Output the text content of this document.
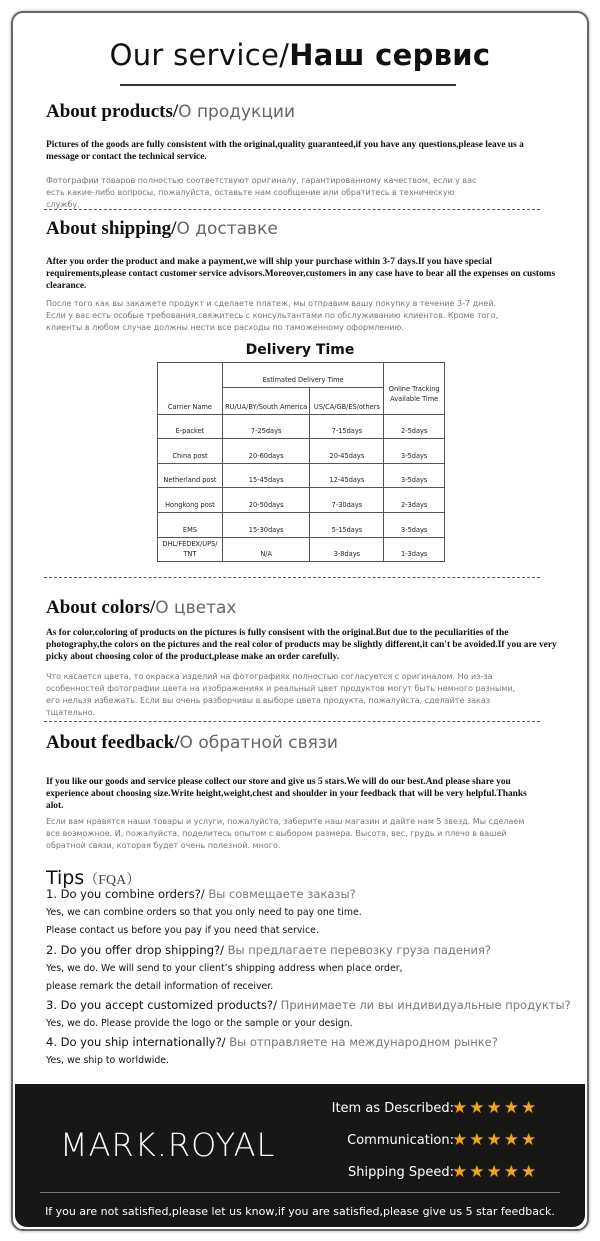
Our service/Наш сервис
About products/О продукции
Pictures of the goods are fully consistent with the original,quality guaranteed,if you have any questions,please leave us a message or contact the technical service.
Фотографии товаров полностью соответствуют оригиналу, гарантированному качеством, если у вас есть какие-либо вопросы, пожалуйста, оставьте нам сообщение или обратитесь в техническую службу.
About shipping/О доставке
After you order the product and make a payment,we will ship your purchase within 3-7 days.If you have special requirements,please contact customer service advisors.Moreover,customers in any case have to bear all the expenses on customs clearance.
После того как вы закажете продукт и сделаете платеж, мы отправим вашу покупку в течение 3-7 дней. Если у вас есть особые требования,свяжитесь с консультантами по обслуживанию клиентов. Кроме того, клиенты в любом случае должны нести все расходы по таможенному оформлению.
Delivery Time
Carrier Name	Estimated Delivery Time		Online Tracking Available Time
	RU/UA/BY/South America	US/CA/GB/ES/others	
E-packet	7-25days	7-15days	2-5days
China post	20-60days	20-45days	3-5days
Netherland post	15-45days	12-45days	3-5days
Hongkong post	20-50days	7-30days	2-3days
EMS	15-30days	5-15days	3-5days
DHL/FEDEX/UPS/ TNT	N/A	3-8days	1-3days
About colors/О цветах
As for color,coloring of products on the pictures is fully consisent with the original.But due to the peculiarities of the photography,the colors on the pictures and the real color of products may be slightly different,it can't be avoided.If you are very picky about choosing color of the product,please make an order carefully.
Что касается цвета, то окраска изделий на фотографиях полностью согласуется с оригиналом. Но из-за особенностей фотографии цвета на изображениях и реальный цвет продуктов могут быть немного разными, его нельзя избежать. Если вы очень разборчивы в выборе цвета продукта, пожалуйста, сделайте заказ тщательно.
About feedback/О обратной связи
If you like our goods and service please collect our store and give us 5 stars.We will do our best.And please share you experience about choosing size.Write height,weight,chest and shoulder in your feedback that will be very helpful.Thanks alot.
Если вам нравятся наши товары и услуги, пожалуйста, заберите наш магазин и дайте нам 5 звезд. Мы сделаем все возможное. И, пожалуйста, поделитесь опытом с выбором размера. Высота, вес, грудь и плечо в вашей обратной связи, которая будет очень полезной. много.
Tips（FQA）
1. Do you combine orders?/ Вы совмещаете заказы?
Yes, we can combine orders so that you only need to pay one time.
Please contact us before you pay if you need that service.
2. Do you offer drop shipping?/ Вы предлагаете перевозку груза падения?
Yes, we do. We will send to your client’s shipping address when place order,
please remark the detail information of receiver.
3. Do you accept customized products?/ Принимаете ли вы индивидуальные продукты?
Yes, we do. Please provide the logo or the sample or your design.
4. Do you ship internationally?/ Вы отправляете на международном рынке?
Yes, we ship to worldwide.
MARK.ROYAL
Item as Described:
Communication:
Shipping Speed:
★★★★★
★★★★★
★★★★★
If you are not satisfied,please let us know,if you are satisfied,please give us 5 star feedback.
